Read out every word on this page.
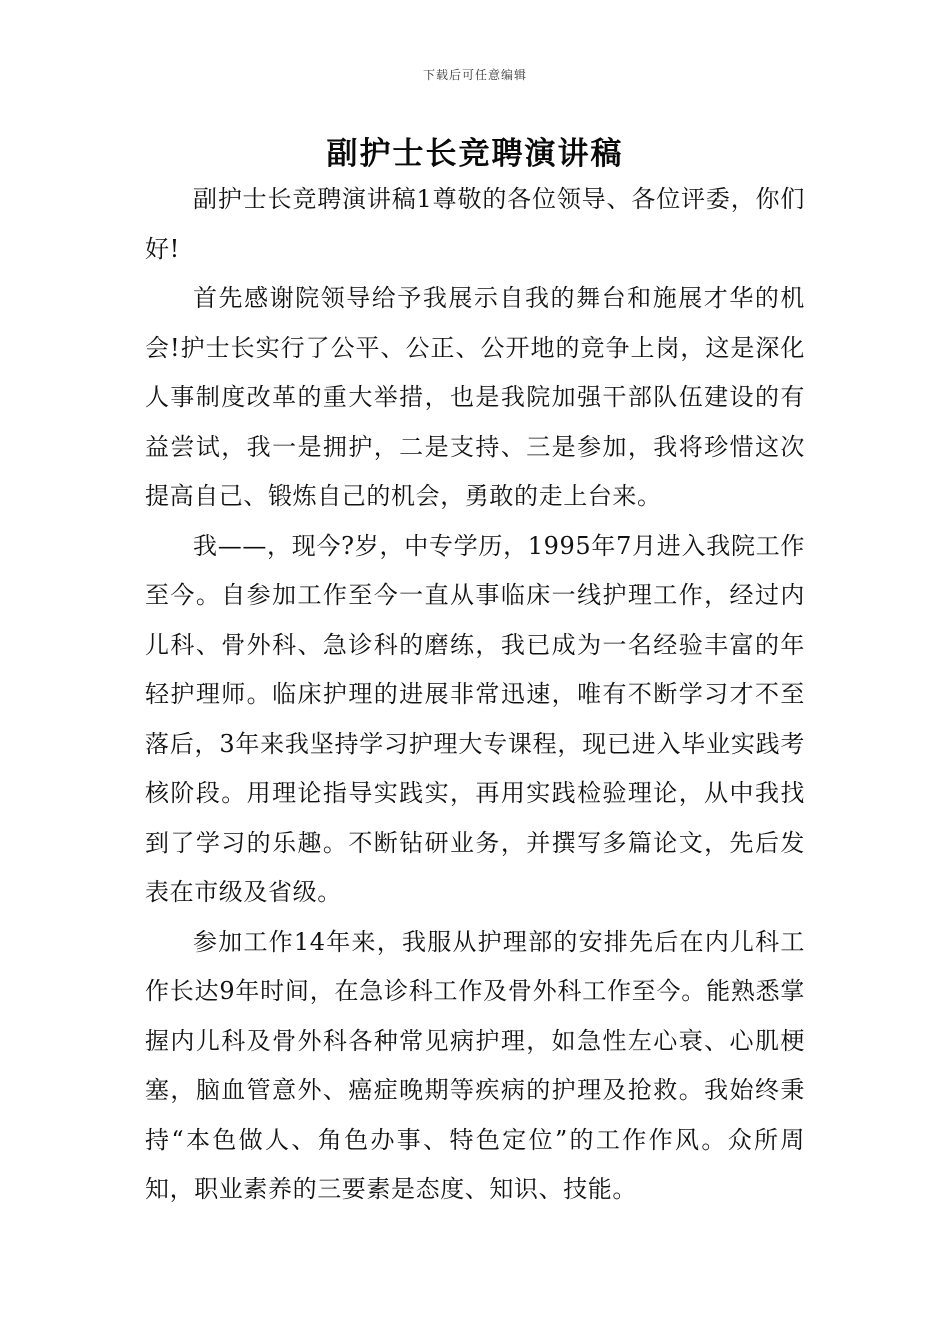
下载后可任意编辑
副护士长竞聘演讲稿

副护士长竞聘演讲稿1尊敬的各位领导、各位评委，你们好!

首先感谢院领导给予我展示自我的舞台和施展才华的机会!护士长实行了公平、公正、公开地的竞争上岗，这是深化人事制度改革的重大举措，也是我院加强干部队伍建设的有益尝试，我一是拥护，二是支持、三是参加，我将珍惜这次提高自己、锻炼自己的机会，勇敢的走上台来。

我——，现今?岁，中专学历，1995年7月进入我院工作至今。自参加工作至今一直从事临床一线护理工作，经过内儿科、骨外科、急诊科的磨练，我已成为一名经验丰富的年轻护理师。临床护理的进展非常迅速，唯有不断学习才不至落后，3年来我坚持学习护理大专课程，现已进入毕业实践考核阶段。用理论指导实践实，再用实践检验理论，从中我找到了学习的乐趣。不断钻研业务，并撰写多篇论文，先后发表在市级及省级。

参加工作14年来，我服从护理部的安排先后在内儿科工作长达9年时间，在急诊科工作及骨外科工作至今。能熟悉掌握内儿科及骨外科各种常见病护理，如急性左心衰、心肌梗塞，脑血管意外、癌症晚期等疾病的护理及抢救。我始终秉持“本色做人、角色办事、特色定位”的工作作风。众所周知，职业素养的三要素是态度、知识、技能。
